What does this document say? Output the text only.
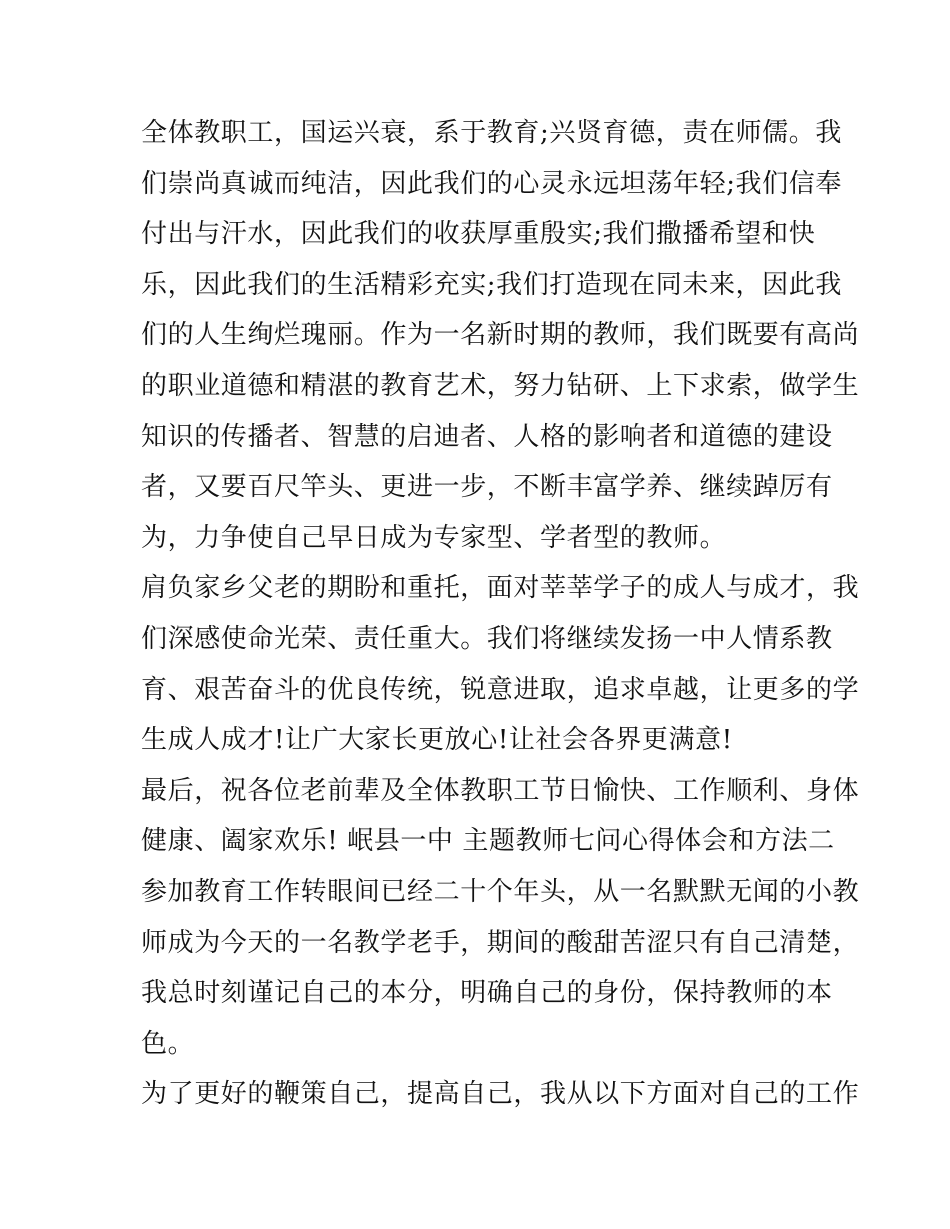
全体教职工，国运兴衰，系于教育;兴贤育德，责在师儒。我
们崇尚真诚而纯洁，因此我们的心灵永远坦荡年轻;我们信奉
付出与汗水，因此我们的收获厚重殷实;我们撒播希望和快
乐，因此我们的生活精彩充实;我们打造现在同未来，因此我
们的人生绚烂瑰丽。作为一名新时期的教师，我们既要有高尚
的职业道德和精湛的教育艺术，努力钻研、上下求索，做学生
知识的传播者、智慧的启迪者、人格的影响者和道德的建设
者，又要百尺竿头、更进一步，不断丰富学养、继续踔厉有
为，力争使自己早日成为专家型、学者型的教师。
肩负家乡父老的期盼和重托，面对莘莘学子的成人与成才，我
们深感使命光荣、责任重大。我们将继续发扬一中人情系教
育、艰苦奋斗的优良传统，锐意进取，追求卓越，让更多的学
生成人成才!让广大家长更放心!让社会各界更满意!
最后，祝各位老前辈及全体教职工节日愉快、工作顺利、身体
健康、阖家欢乐! 岷县一中 主题教师七问心得体会和方法二
参加教育工作转眼间已经二十个年头，从一名默默无闻的小教
师成为今天的一名教学老手，期间的酸甜苦涩只有自己清楚，
我总时刻谨记自己的本分，明确自己的身份，保持教师的本
色。
为了更好的鞭策自己，提高自己，我从以下方面对自己的工作
